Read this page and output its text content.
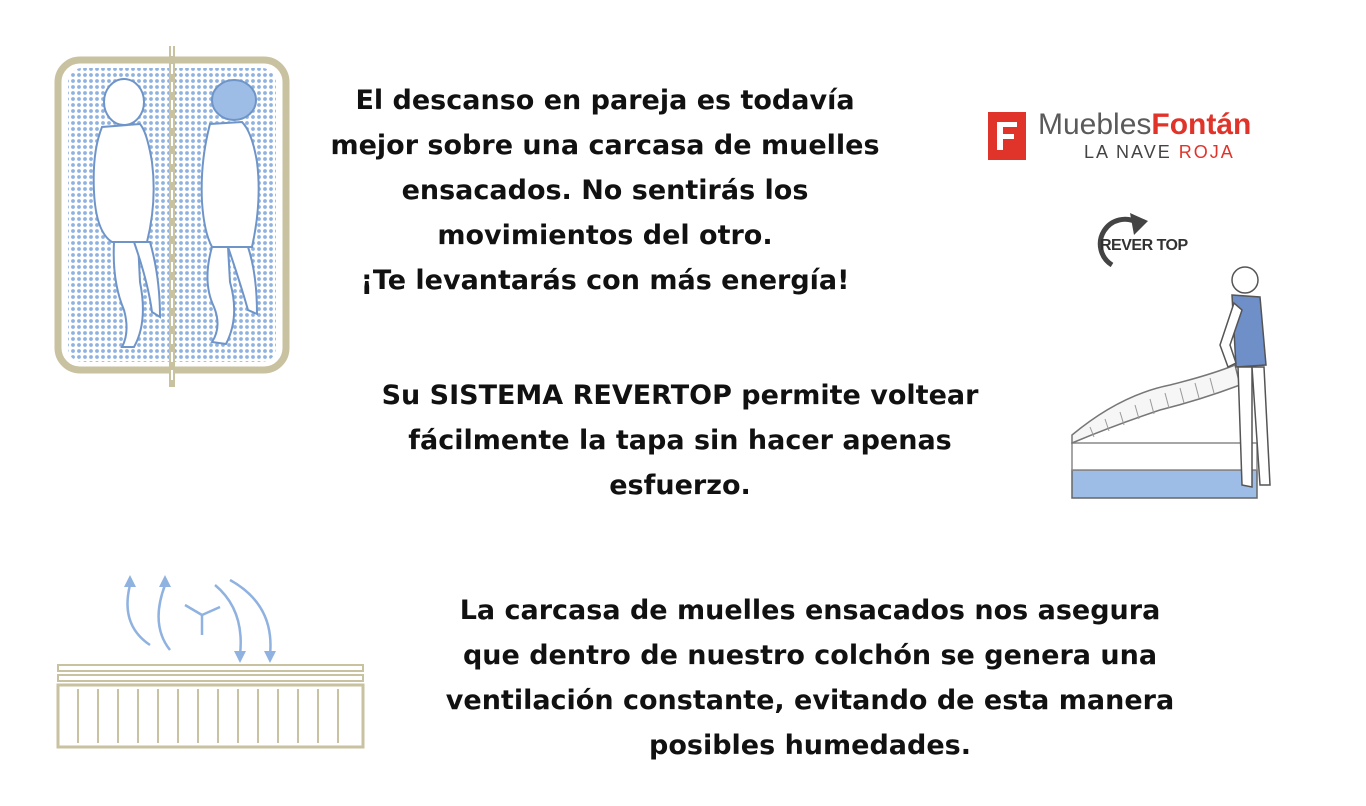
El descanso en pareja es todavía
mejor sobre una carcasa de muelles
ensacados. No sentirás los
movimientos del otro.
¡Te levantarás con más energía!
MueblesFontán
LA NAVE ROJA
REVER TOP
Su SISTEMA REVERTOP permite voltear
fácilmente la tapa sin hacer apenas
esfuerzo.
La carcasa de muelles ensacados nos asegura
que dentro de nuestro colchón se genera una
ventilación constante, evitando de esta manera
posibles humedades.
